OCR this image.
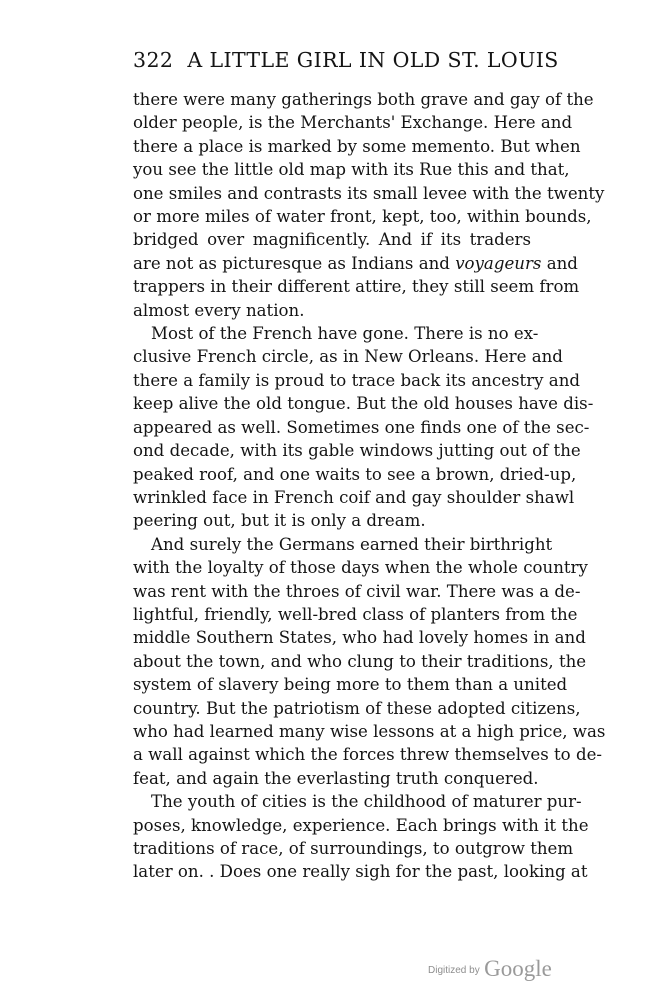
322 A LITTLE GIRL IN OLD ST. LOUIS
there were many gatherings both grave and gay of the
older people, is the Merchants' Exchange. Here and
there a place is marked by some memento. But when
you see the little old map with its Rue this and that,
one smiles and contrasts its small levee with the twenty
or more miles of water front, kept, too, within bounds,
bridged over magnificently. And if its traders
are not as picturesque as Indians and voyageurs and
trappers in their different attire, they still seem from
almost every nation.
Most of the French have gone. There is no ex-
clusive French circle, as in New Orleans. Here and
there a family is proud to trace back its ancestry and
keep alive the old tongue. But the old houses have dis-
appeared as well. Sometimes one finds one of the sec-
ond decade, with its gable windows jutting out of the
peaked roof, and one waits to see a brown, dried-up,
wrinkled face in French coif and gay shoulder shawl
peering out, but it is only a dream.
And surely the Germans earned their birthright
with the loyalty of those days when the whole country
was rent with the throes of civil war. There was a de-
lightful, friendly, well-bred class of planters from the
middle Southern States, who had lovely homes in and
about the town, and who clung to their traditions, the
system of slavery being more to them than a united
country. But the patriotism of these adopted citizens,
who had learned many wise lessons at a high price, was
a wall against which the forces threw themselves to de-
feat, and again the everlasting truth conquered.
The youth of cities is the childhood of maturer pur-
poses, knowledge, experience. Each brings with it the
traditions of race, of surroundings, to outgrow them
later on. . Does one really sigh for the past, looking at
Digitized by Google
